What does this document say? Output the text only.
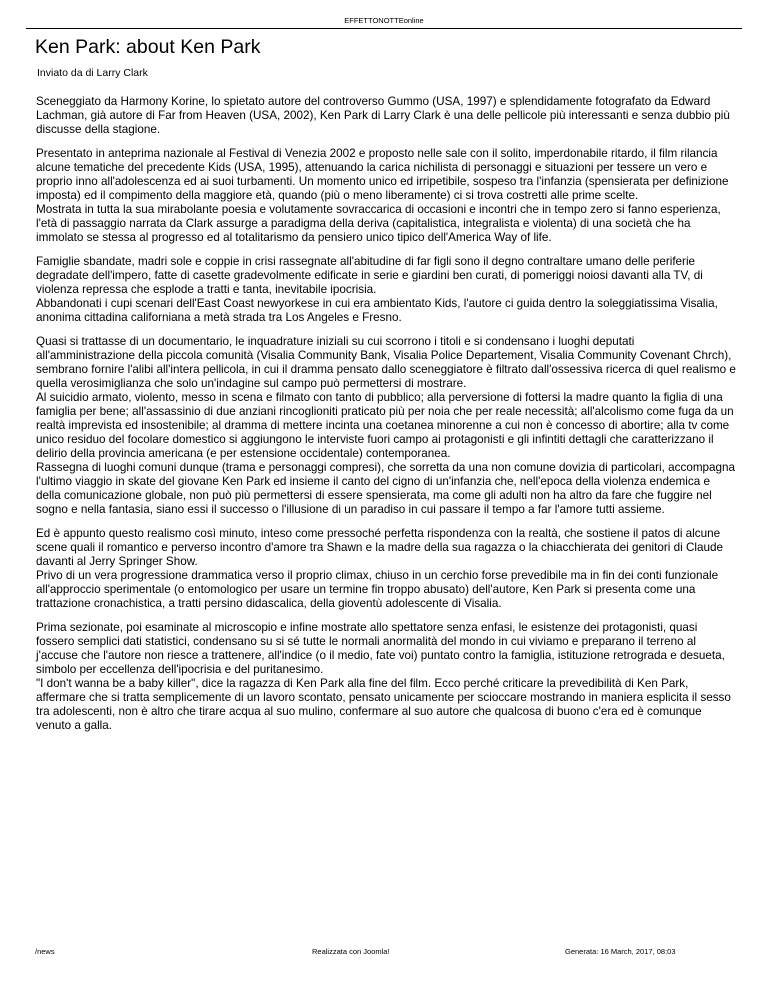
EFFETTONOTTEonline
Ken Park: about Ken Park
Inviato da di Larry Clark

Sceneggiato da Harmony Korine, lo spietato autore del controverso Gummo (USA, 1997) e splendidamente fotografato da Edward Lachman, già autore di Far from Heaven (USA, 2002), Ken Park di Larry Clark è una delle pellicole più interessanti e senza dubbio più discusse della stagione.

Presentato in anteprima nazionale al Festival di Venezia 2002 e proposto nelle sale con il solito, imperdonabile ritardo, il film rilancia alcune tematiche del precedente Kids (USA, 1995), attenuando la carica nichilista di personaggi e situazioni per tessere un vero e proprio inno all'adolescenza ed ai suoi turbamenti. Un momento unico ed irripetibile, sospeso tra l'infanzia (spensierata per definizione imposta) ed il compimento della maggiore età, quando (più o meno liberamente) ci si trova costretti alle prime scelte.
Mostrata in tutta la sua mirabolante poesia e volutamente sovraccarica di occasioni e incontri che in tempo zero si fanno esperienza, l'età di passaggio narrata da Clark assurge a paradigma della deriva (capitalistica, integralista e violenta) di una società che ha immolato se stessa al progresso ed al totalitarismo da pensiero unico tipico dell'America Way of life.

Famiglie sbandate, madri sole e coppie in crisi rassegnate all'abitudine di far figli sono il degno contraltare umano delle periferie degradate dell'impero, fatte di casette gradevolmente edificate in serie e giardini ben curati, di pomeriggi noiosi davanti alla TV, di violenza repressa che esplode a tratti e tanta, inevitabile ipocrisia.
Abbandonati i cupi scenari dell'East Coast newyorkese in cui era ambientato Kids, l'autore ci guida dentro la soleggiatissima Visalia, anonima cittadina californiana a metà strada tra Los Angeles e Fresno.

Quasi si trattasse di un documentario, le inquadrature iniziali su cui scorrono i titoli e si condensano i luoghi deputati all'amministrazione della piccola comunità (Visalia Community Bank, Visalia Police Departement, Visalia Community Covenant Chrch), sembrano fornire l'alibi all'intera pellicola, in cui il dramma pensato dallo sceneggiatore è filtrato dall'ossessiva ricerca di quel realismo e quella verosimiglianza che solo un'indagine sul campo può permettersi di mostrare.
Al suicidio armato, violento, messo in scena e filmato con tanto di pubblico; alla perversione di fottersi la madre quanto la figlia di una famiglia per bene; all'assassinio di due anziani rincoglioniti praticato più per noia che per reale necessità; all'alcolismo come fuga da un realtà imprevista ed insostenibile; al dramma di mettere incinta una coetanea minorenne a cui non è concesso di abortire; alla tv come unico residuo del focolare domestico si aggiungono le interviste fuori campo ai protagonisti e gli infintiti dettagli che caratterizzano il delirio della provincia americana (e per estensione occidentale) contemporanea.
Rassegna di luoghi comuni dunque (trama e personaggi compresi), che sorretta da una non comune dovizia di particolari, accompagna l'ultimo viaggio in skate del giovane Ken Park ed insieme il canto del cigno di un'infanzia che, nell'epoca della violenza endemica e della comunicazione globale, non può più permettersi di essere spensierata, ma come gli adulti non ha altro da fare che fuggire nel sogno e nella fantasia, siano essi il successo o l'illusione di un paradiso in cui passare il tempo a far l'amore tutti assieme.

Ed è appunto questo realismo così minuto, inteso come pressoché perfetta rispondenza con la realtà, che sostiene il patos di alcune scene quali il romantico e perverso incontro d'amore tra Shawn e la madre della sua ragazza o la chiacchierata dei genitori di Claude davanti al Jerry Springer Show.
Privo di un vera progressione drammatica verso il proprio climax, chiuso in un cerchio forse prevedibile ma in fin dei conti funzionale all'approccio sperimentale (o entomologico per usare un termine fin troppo abusato) dell'autore, Ken Park si presenta come una trattazione cronachistica, a tratti persino didascalica, della gioventù adolescente di Visalia.

Prima sezionate, poi esaminate al microscopio e infine mostrate allo spettatore senza enfasi, le esistenze dei protagonisti, quasi fossero semplici dati statistici, condensano su si sé tutte le normali anormalità del mondo in cui viviamo e preparano il terreno al j'accuse che l'autore non riesce a trattenere, all'indice (o il medio, fate voi) puntato contro la famiglia, istituzione retrograda e desueta, simbolo per eccellenza dell'ipocrisia e del puritanesimo.
"I don't wanna be a baby killer", dice la ragazza di Ken Park alla fine del film. Ecco perché criticare la prevedibilità di Ken Park, affermare che si tratta semplicemente di un lavoro scontato, pensato unicamente per scioccare mostrando in maniera esplicita il sesso tra adolescenti, non è altro che tirare acqua al suo mulino, confermare al suo autore che qualcosa di buono c'era ed è comunque venuto a galla.

/news	Realizzata con Joomla!	Generata: 16 March, 2017, 08:03
